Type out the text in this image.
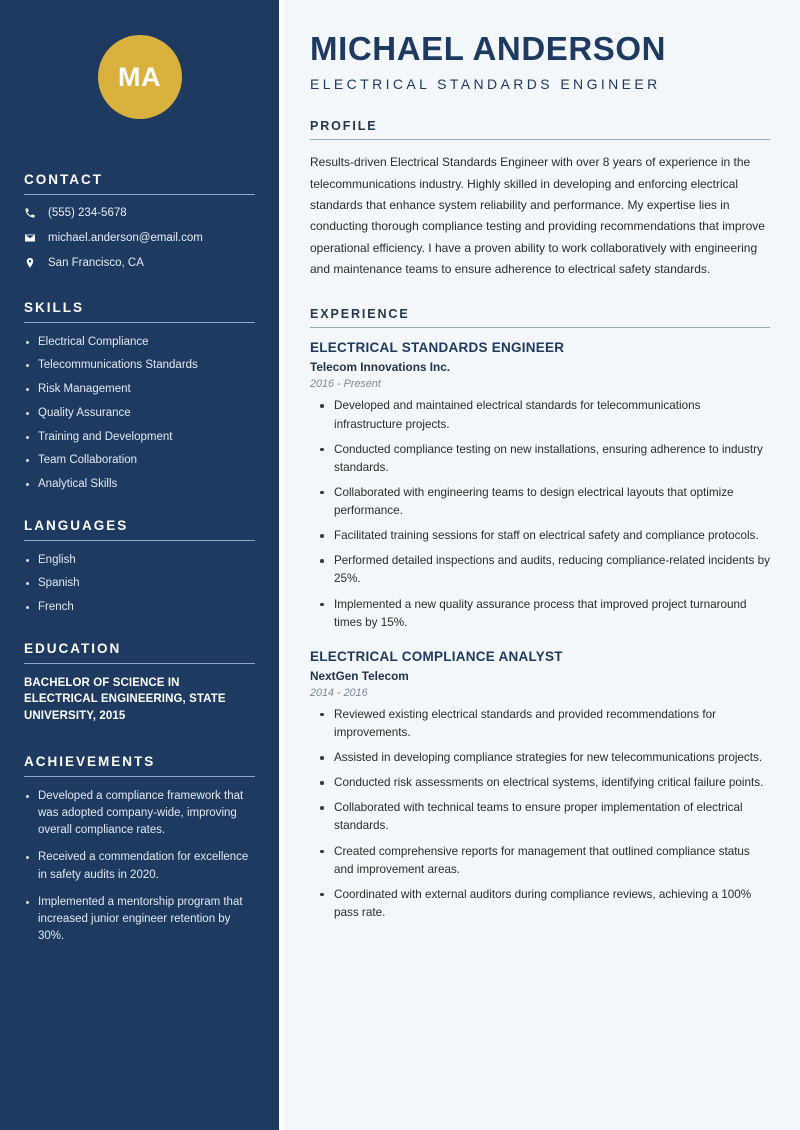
MA
CONTACT
(555) 234-5678
michael.anderson@email.com
San Francisco, CA
SKILLS
Electrical Compliance
Telecommunications Standards
Risk Management
Quality Assurance
Training and Development
Team Collaboration
Analytical Skills
LANGUAGES
English
Spanish
French
EDUCATION
BACHELOR OF SCIENCE IN ELECTRICAL ENGINEERING, STATE UNIVERSITY, 2015
ACHIEVEMENTS
Developed a compliance framework that was adopted company-wide, improving overall compliance rates.
Received a commendation for excellence in safety audits in 2020.
Implemented a mentorship program that increased junior engineer retention by 30%.
MICHAEL ANDERSON
ELECTRICAL STANDARDS ENGINEER
PROFILE

Results-driven Electrical Standards Engineer with over 8 years of experience in the telecommunications industry. Highly skilled in developing and enforcing electrical standards that enhance system reliability and performance. My expertise lies in conducting thorough compliance testing and providing recommendations that improve operational efficiency. I have a proven ability to work collaboratively with engineering and maintenance teams to ensure adherence to electrical safety standards.

EXPERIENCE
ELECTRICAL STANDARDS ENGINEER
Telecom Innovations Inc.
2016 - Present
Developed and maintained electrical standards for telecommunications infrastructure projects.
Conducted compliance testing on new installations, ensuring adherence to industry standards.
Collaborated with engineering teams to design electrical layouts that optimize performance.
Facilitated training sessions for staff on electrical safety and compliance protocols.
Performed detailed inspections and audits, reducing compliance-related incidents by 25%.
Implemented a new quality assurance process that improved project turnaround times by 15%.
ELECTRICAL COMPLIANCE ANALYST
NextGen Telecom
2014 - 2016
Reviewed existing electrical standards and provided recommendations for improvements.
Assisted in developing compliance strategies for new telecommunications projects.
Conducted risk assessments on electrical systems, identifying critical failure points.
Collaborated with technical teams to ensure proper implementation of electrical standards.
Created comprehensive reports for management that outlined compliance status and improvement areas.
Coordinated with external auditors during compliance reviews, achieving a 100% pass rate.
